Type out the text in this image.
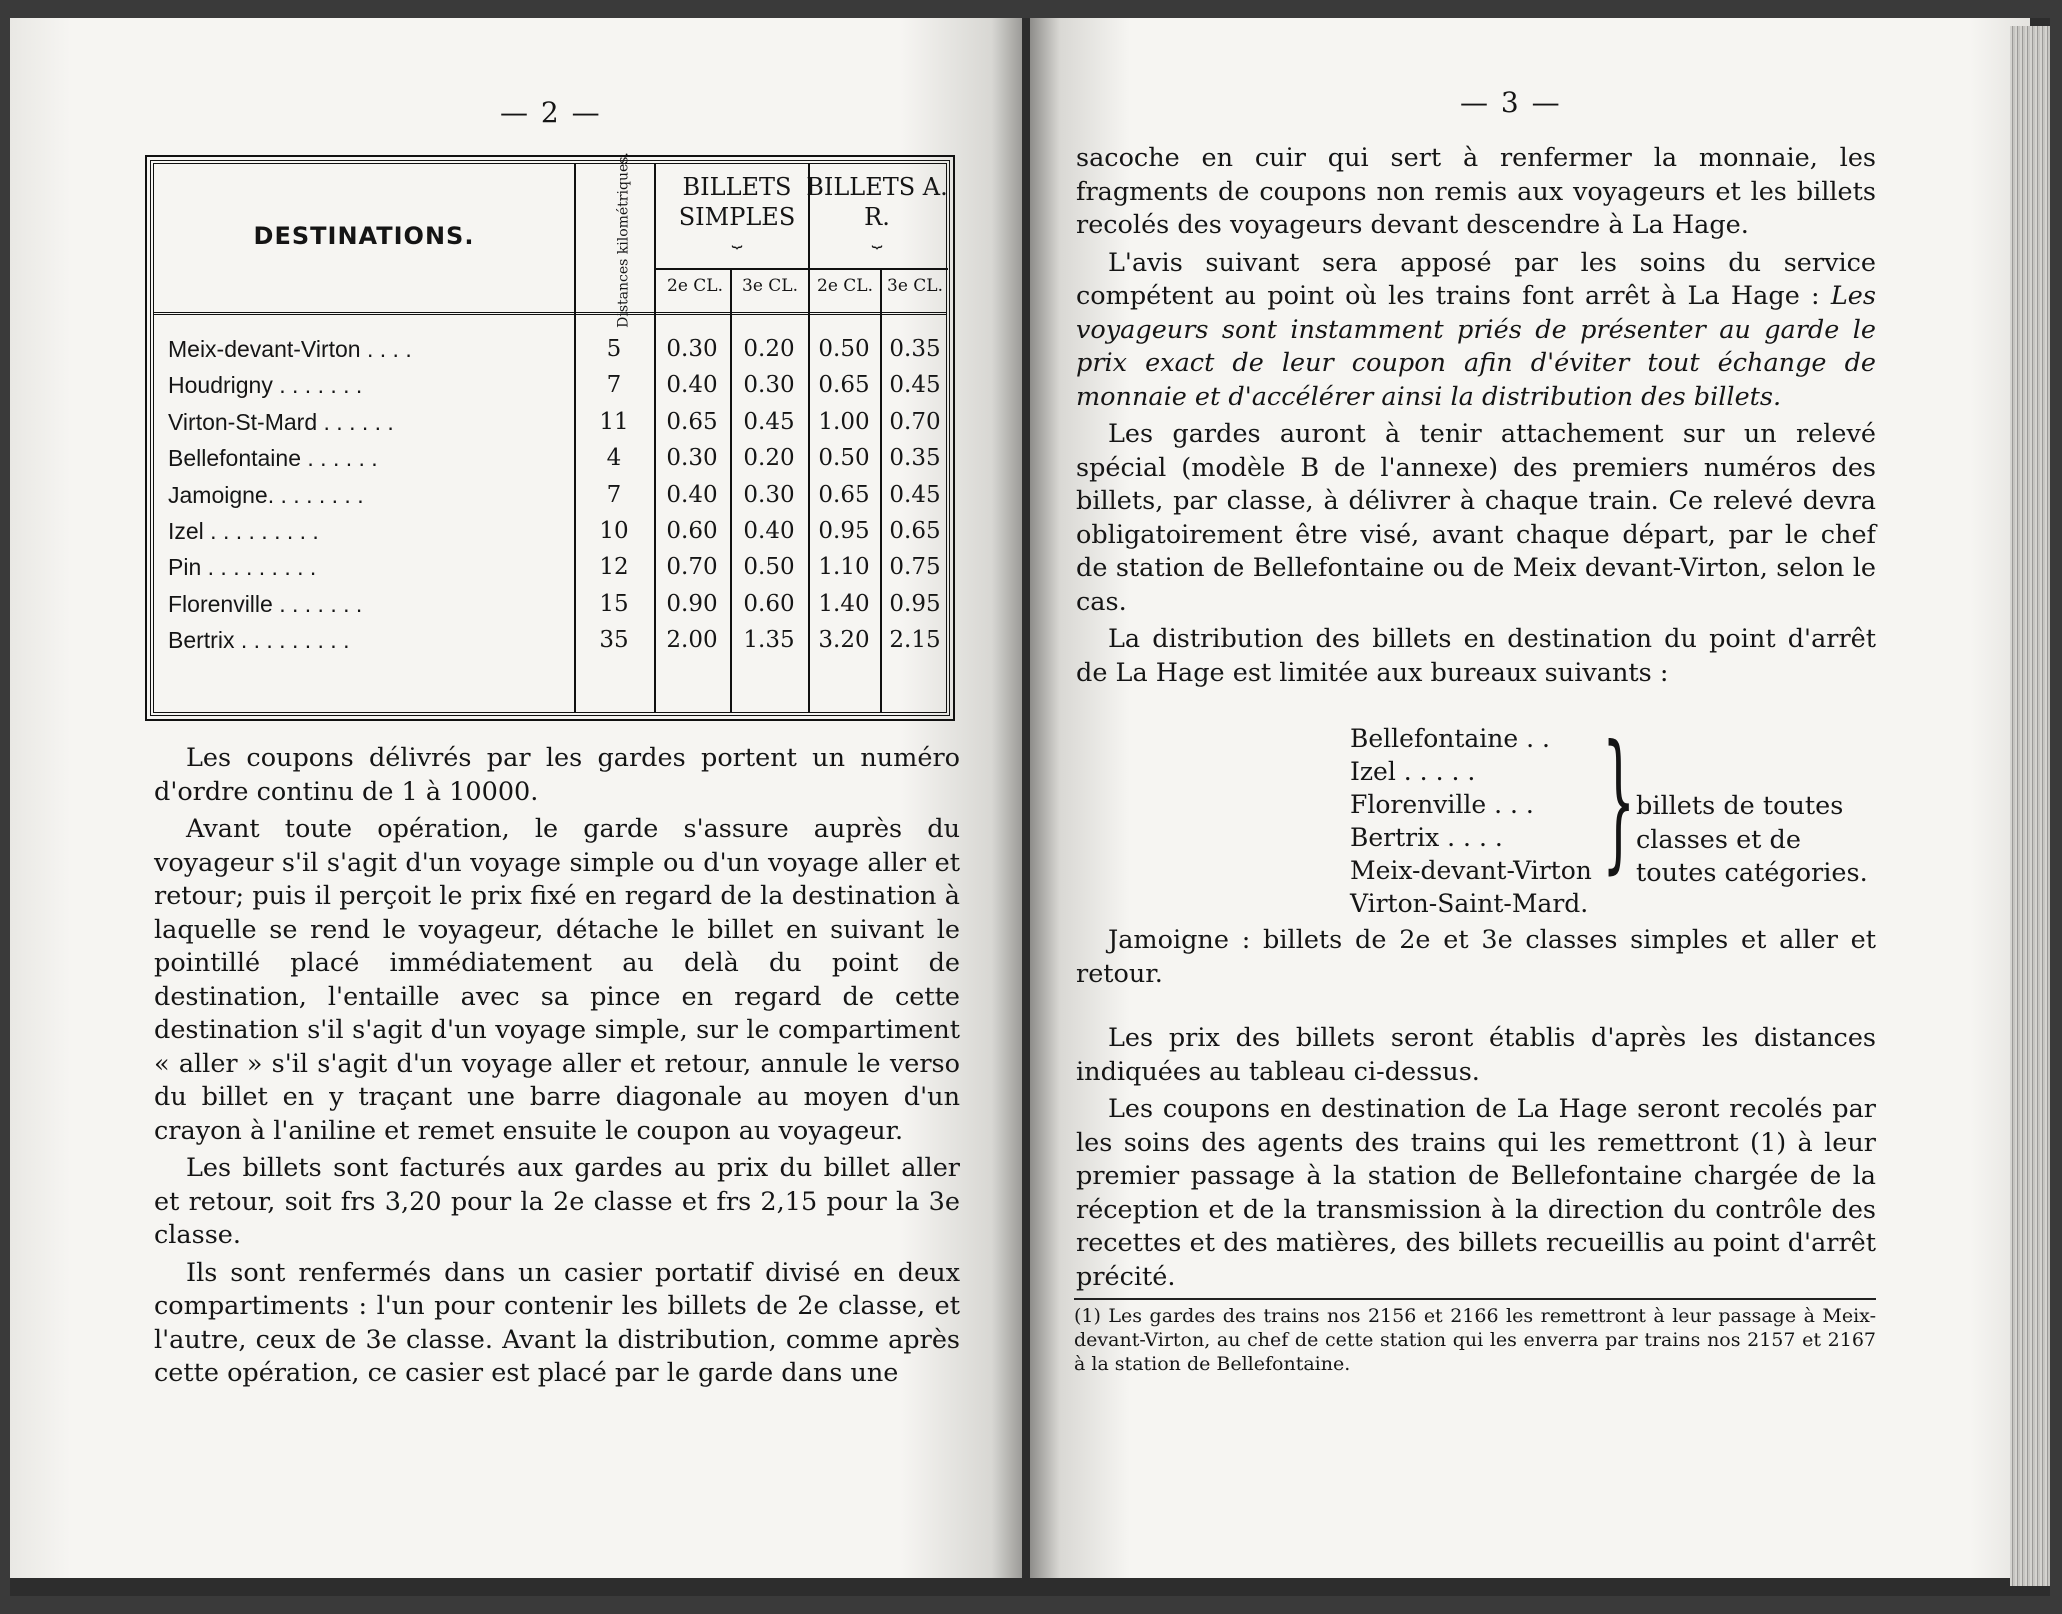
— 2 —
DESTINATIONS.	Distances kilométriques.	BILLETS SIMPLES
⏟
BILLETS A. R.
⏟
2e CL.	3e CL.	2e CL. 3e CL.
Meix-devant-Virton . . . .	5	0.30	0.20	0.50 0.35
Houdrigny . . . . . . .	7	0.40	0.30	0.65 0.45
Virton-St-Mard . . . . . .	11	0.65	0.45	1.00 0.70
Bellefontaine . . . . . .	4	0.30	0.20	0.50 0.35
Jamoigne. . . . . . . .	7	0.40	0.30	0.65 0.45
Izel . . . . . . . . .	10	0.60	0.40	0.95 0.65
Pin . . . . . . . . .	12	0.70	0.50	1.10 0.75
Florenville . . . . . . .	15	0.90	0.60	1.40 0.95
Bertrix . . . . . . . . .	35	2.00	1.35	3.20 2.15

Les coupons délivrés par les gardes portent un numéro d'ordre continu de 1 à 10000.

Avant toute opération, le garde s'assure auprès du voyageur s'il s'agit d'un voyage simple ou d'un voyage aller et retour; puis il perçoit le prix fixé en regard de la destination à laquelle se rend le voyageur, détache le billet en suivant le pointillé placé immédiatement au delà du point de destination, l'entaille avec sa pince en regard de cette destination s'il s'agit d'un voyage simple, sur le compartiment « aller » s'il s'agit d'un voyage aller et retour, annule le verso du billet en y traçant une barre diagonale au moyen d'un crayon à l'aniline et remet ensuite le coupon au voyageur.

Les billets sont facturés aux gardes au prix du billet aller et retour, soit frs 3,20 pour la 2e classe et frs 2,15 pour la 3e classe.

Ils sont renfermés dans un casier portatif divisé en deux compartiments : l'un pour contenir les billets de 2e classe, et l'autre, ceux de 3e classe. Avant la distribution, comme après cette opération, ce casier est placé par le garde dans une

— 3 —

sacoche en cuir qui sert à renfermer la monnaie, les fragments de coupons non remis aux voyageurs et les billets recolés des voyageurs devant descendre à La Hage.

L'avis suivant sera apposé par les soins du service compétent au point où les trains font arrêt à La Hage : Les voyageurs sont instamment priés de présenter au garde le prix exact de leur coupon afin d'éviter tout échange de monnaie et d'accélérer ainsi la distribution des billets.

Les gardes auront à tenir attachement sur un relevé spécial (modèle B de l'annexe) des premiers numéros des billets, par classe, à délivrer à chaque train. Ce relevé devra obligatoirement être visé, avant chaque départ, par le chef de station de Bellefontaine ou de Meix devant-Virton, selon le cas.

La distribution des billets en destination du point d'arrêt de La Hage est limitée aux bureaux suivants :

Bellefontaine . .
Izel . . . . .
Florenville . . .
Bertrix . . . .
Meix-devant-Virton
Virton-Saint-Mard.
} billets de toutes classes et de toutes catégories.

Jamoigne : billets de 2e et 3e classes simples et aller et retour.

Les prix des billets seront établis d'après les distances indiquées au tableau ci-dessus.

Les coupons en destination de La Hage seront recolés par les soins des agents des trains qui les remettront (1) à leur premier passage à la station de Bellefontaine chargée de la réception et de la transmission à la direction du contrôle des recettes et des matières, des billets recueillis au point d'arrêt précité.

(1) Les gardes des trains nos 2156 et 2166 les remettront à leur passage à Meix-devant-Virton, au chef de cette station qui les enverra par trains nos 2157 et 2167 à la station de Bellefontaine.
